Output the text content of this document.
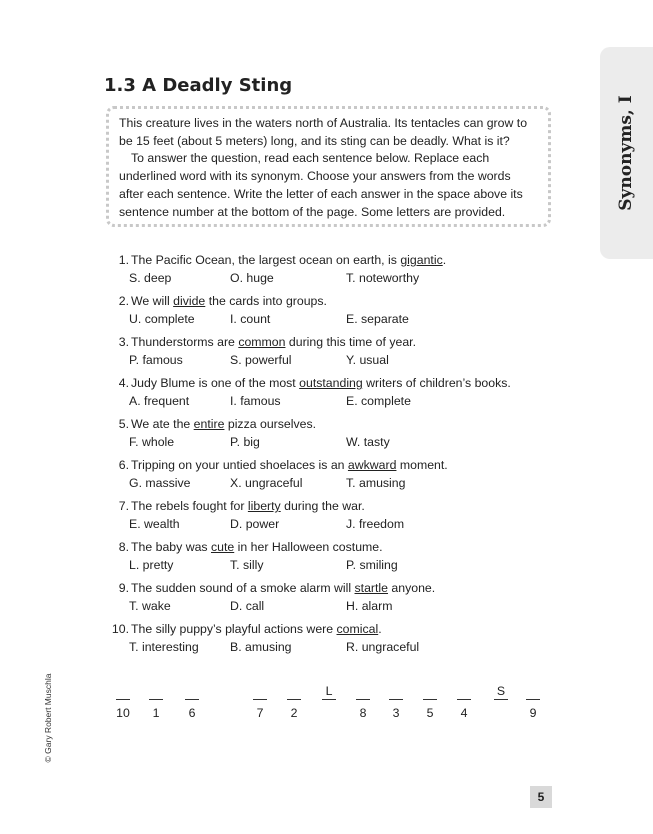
Synonyms, I
1.3 A Deadly Sting

This creature lives in the waters north of Australia. Its tentacles can grow to be 15 feet (about 5 meters) long, and its sting can be deadly. What is it?

To answer the question, read each sentence below. Replace each underlined word with its synonym. Choose your answers from the words after each sentence. Write the letter of each answer in the space above its sentence number at the bottom of the page. Some letters are provided.

1. The Pacific Ocean, the largest ocean on earth, is gigantic.
S. deep	O. huge	T. noteworthy
2. We will divide the cards into groups.
U. complete	I. count	E. separate
3. Thunderstorms are common during this time of year.
P. famous	S. powerful	Y. usual
4. Judy Blume is one of the most outstanding writers of children’s books.
A. frequent	I. famous	E. complete
5. We ate the entire pizza ourselves.
F. whole	P. big	W. tasty
6. Tripping on your untied shoelaces is an awkward moment.
G. massive	X. ungraceful	T. amusing
7. The rebels fought for liberty during the war.
E. wealth	D. power	J. freedom
8. The baby was cute in her Halloween costume.
L. pretty	T. silly	P. smiling
9. The sudden sound of a smoke alarm will startle anyone.
T. wake	D. call	H. alarm
10. The silly puppy’s playful actions were comical.
T. interesting	B. amusing	R. ungraceful
10	1	6	7	2
L
8	3	5	4
S
9
© Gary Robert Muschla
5
